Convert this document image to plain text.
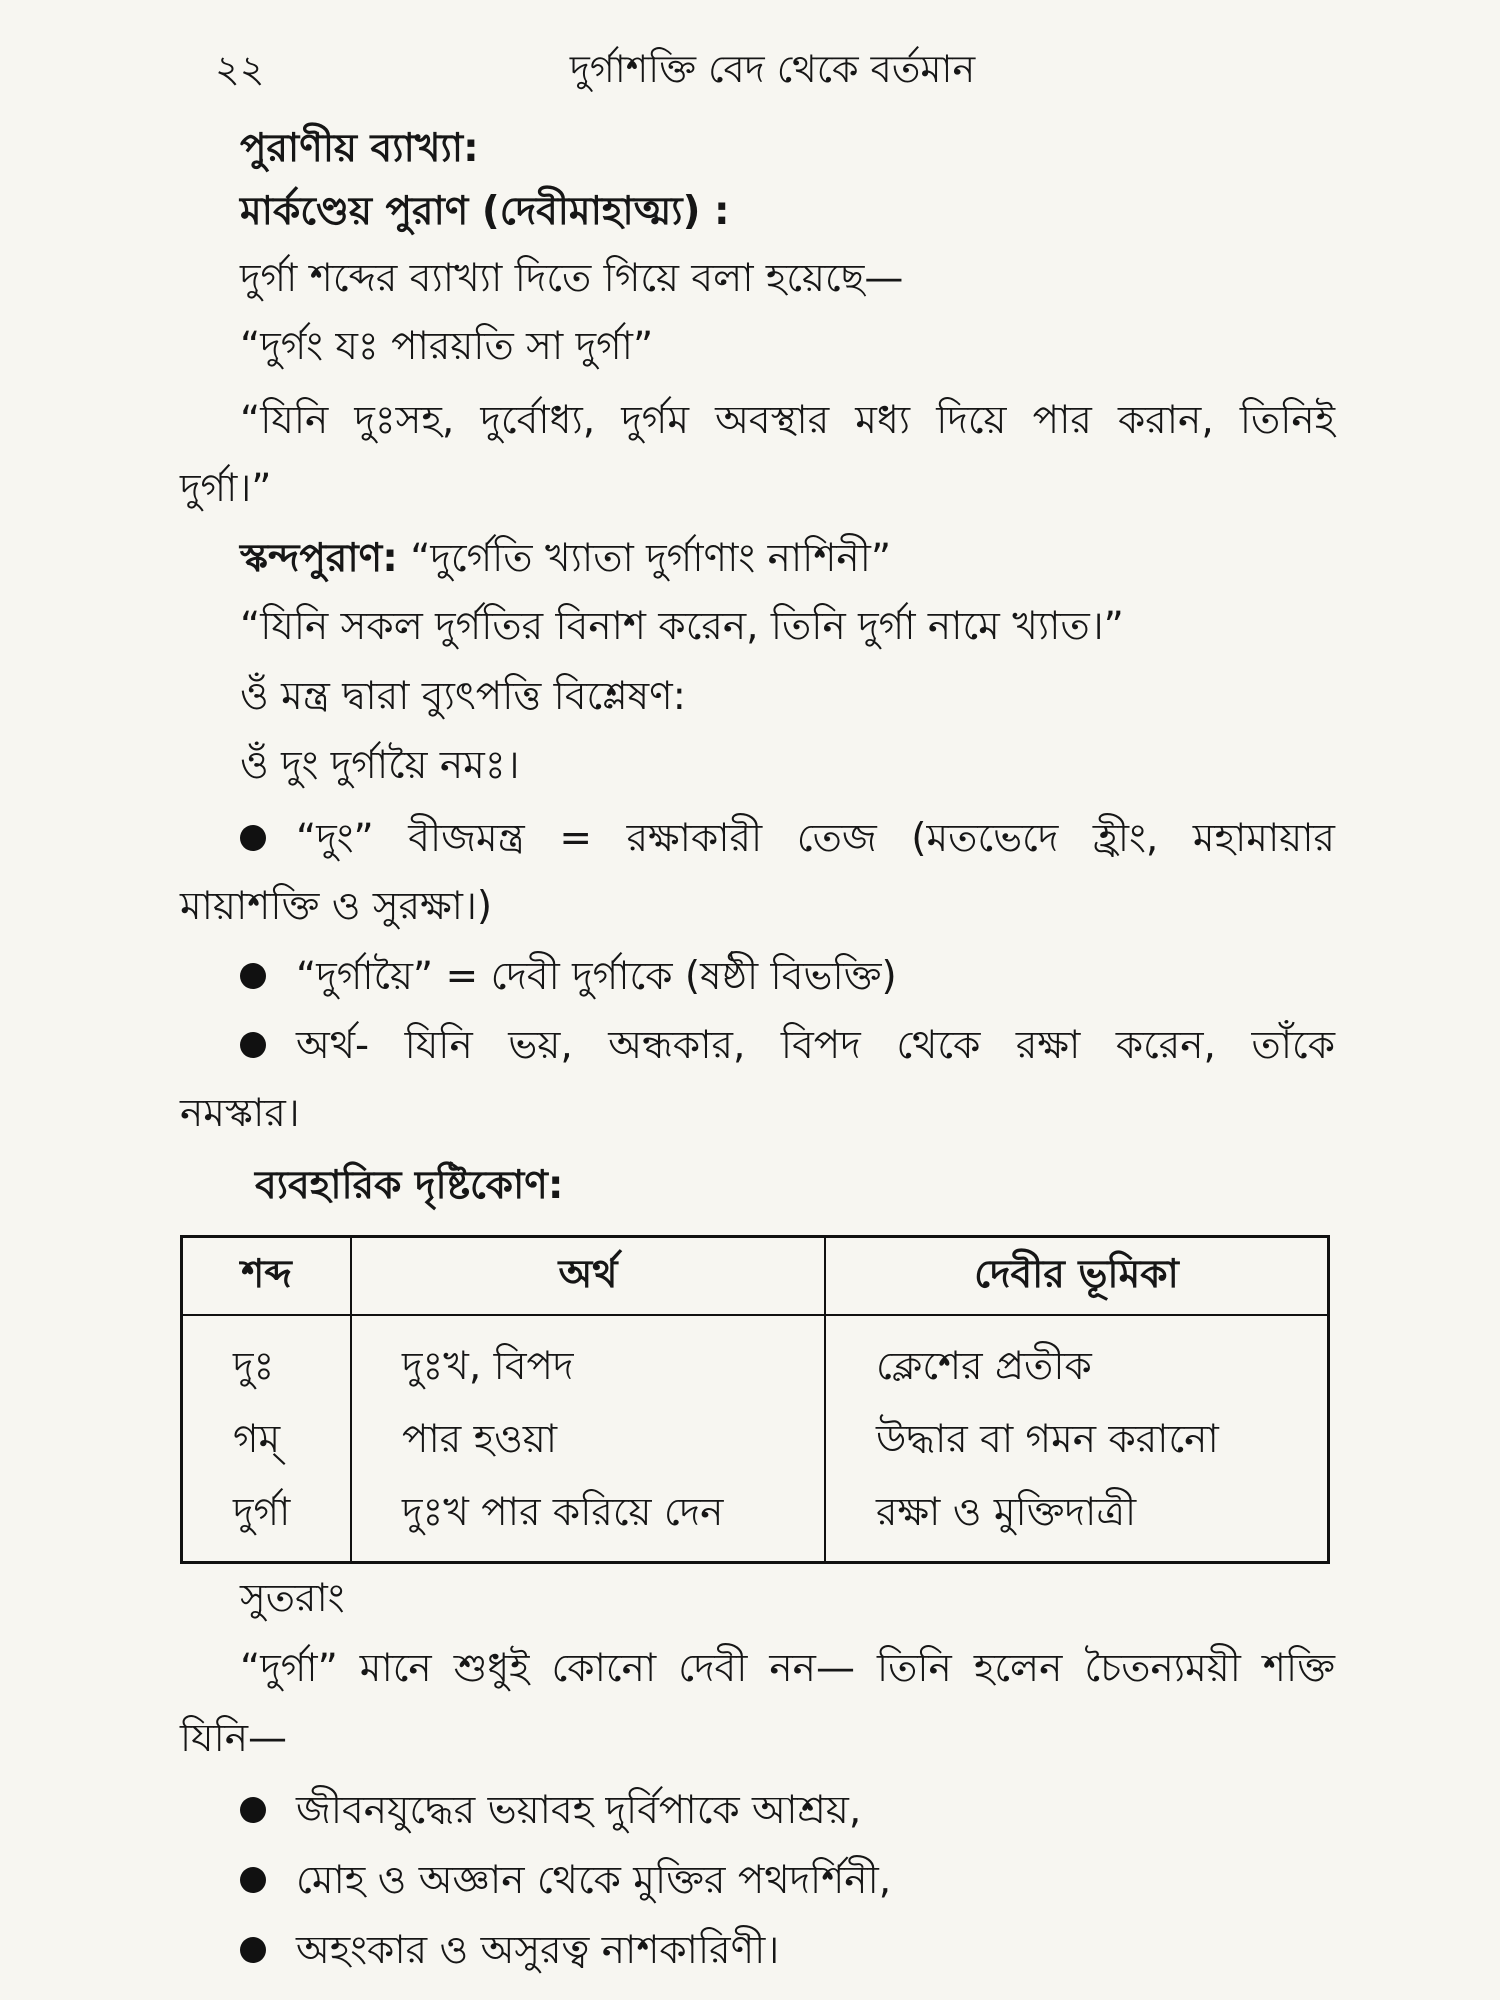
২২	দুর্গাশক্তি বেদ থেকে বর্তমান
পুরাণীয় ব্যাখ্যা:
মার্কণ্ডেয় পুরাণ (দেবীমাহাত্ম্য) :
দুর্গা শব্দের ব্যাখ্যা দিতে গিয়ে বলা হয়েছে—
“দুর্গং যঃ পারয়তি সা দুর্গা”
“যিনি দুঃসহ, দুর্বোধ্য, দুর্গম অবস্থার মধ্য দিয়ে পার করান, তিনিই
দুর্গা।”
স্কন্দপুরাণ: “দুর্গেতি খ্যাতা দুর্গাণাং নাশিনী”
“যিনি সকল দুর্গতির বিনাশ করেন, তিনি দুর্গা নামে খ্যাত।”
ওঁ মন্ত্র দ্বারা ব্যুৎপত্তি বিশ্লেষণ:
ওঁ দুং দুর্গায়ৈ নমঃ।
“দুং” বীজমন্ত্র = রক্ষাকারী তেজ (মতভেদে হ্রীং, মহামায়ার
মায়াশক্তি ও সুরক্ষা।)
“দুর্গায়ৈ” = দেবী দুর্গাকে (ষষ্ঠী বিভক্তি)
অর্থ- যিনি ভয়, অন্ধকার, বিপদ থেকে রক্ষা করেন, তাঁকে
নমস্কার।
ব্যবহারিক দৃষ্টিকোণ:
শব্দ	অর্থ	দেবীর ভূমিকা
দুঃ	দুঃখ, বিপদ	ক্লেশের প্রতীক
গম্	পার হওয়া	উদ্ধার বা গমন করানো
দুর্গা	দুঃখ পার করিয়ে দেন	রক্ষা ও মুক্তিদাত্রী
সুতরাং
“দুর্গা” মানে শুধুই কোনো দেবী নন— তিনি হলেন চৈতন্যময়ী শক্তি
যিনি—
জীবনযুদ্ধের ভয়াবহ দুর্বিপাকে আশ্রয়,
মোহ ও অজ্ঞান থেকে মুক্তির পথদর্শিনী,
অহংকার ও অসুরত্ব নাশকারিণী।
